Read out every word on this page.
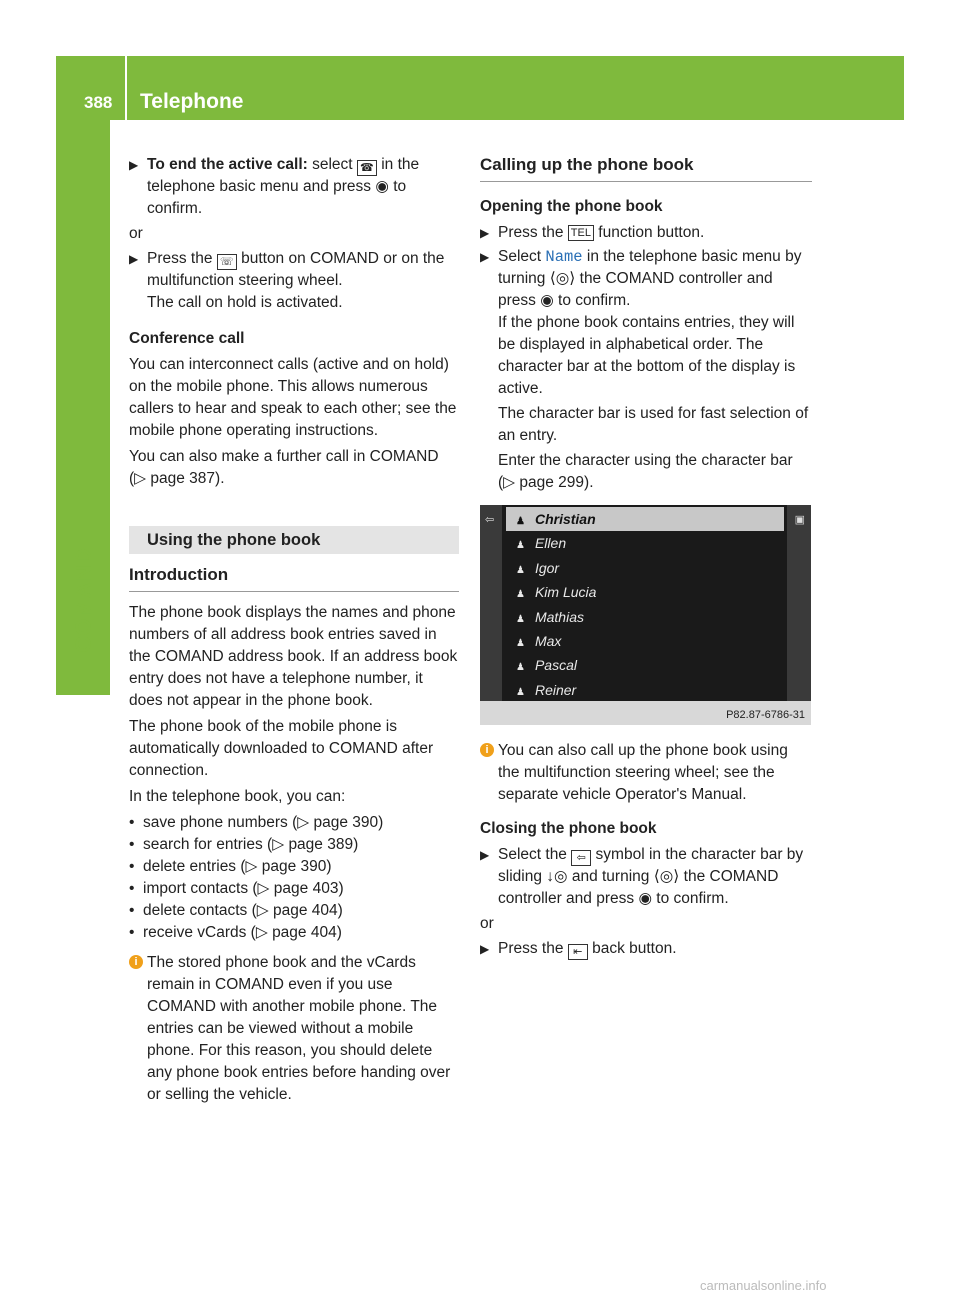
388 Telephone
COMAND

▶ To end the active call: select ☎ in the telephone basic menu and press ◉ to confirm.

or

▶ Press the ☏ button on COMAND or on the multifunction steering wheel.

The call on hold is activated.

Conference call

You can interconnect calls (active and on hold) on the mobile phone. This allows numerous callers to hear and speak to each other; see the mobile phone operating instructions.

You can also make a further call in COMAND (▷ page 387).

Using the phone book

Introduction

The phone book displays the names and phone numbers of all address book entries saved in the COMAND address book. If an address book entry does not have a telephone number, it does not appear in the phone book.

The phone book of the mobile phone is automatically downloaded to COMAND after connection.

In the telephone book, you can:

• save phone numbers (▷ page 390)

• search for entries (▷ page 389)

• delete entries (▷ page 390)

• import contacts (▷ page 403)

• delete contacts (▷ page 404)

• receive vCards (▷ page 404)

i The stored phone book and the vCards remain in COMAND even if you use COMAND with another mobile phone. The entries can be viewed without a mobile phone. For this reason, you should delete any phone book entries before handing over or selling the vehicle.

Calling up the phone book

Opening the phone book

▶ Press the TEL function button.

▶ Select Name in the telephone basic menu by turning ⟨◎⟩ the COMAND controller and press ◉ to confirm.

If the phone book contains entries, they will be displayed in alphabetical order. The character bar at the bottom of the display is active.

The character bar is used for fast selection of an entry.

Enter the character using the character bar (▷ page 299).

⇦	▣
♟ Christian
♟ Ellen
♟ Igor
♟ Kim Lucia
♟ Mathias
♟ Max
♟ Pascal
♟ Reiner
P82.87-6786-31

i You can also call up the phone book using the multifunction steering wheel; see the separate vehicle Operator's Manual.

Closing the phone book

▶ Select the ⇦ symbol in the character bar by sliding ↓◎ and turning ⟨◎⟩ the COMAND controller and press ◉ to confirm.

or

▶ Press the ⇤ back button.

carmanualsonline.info
